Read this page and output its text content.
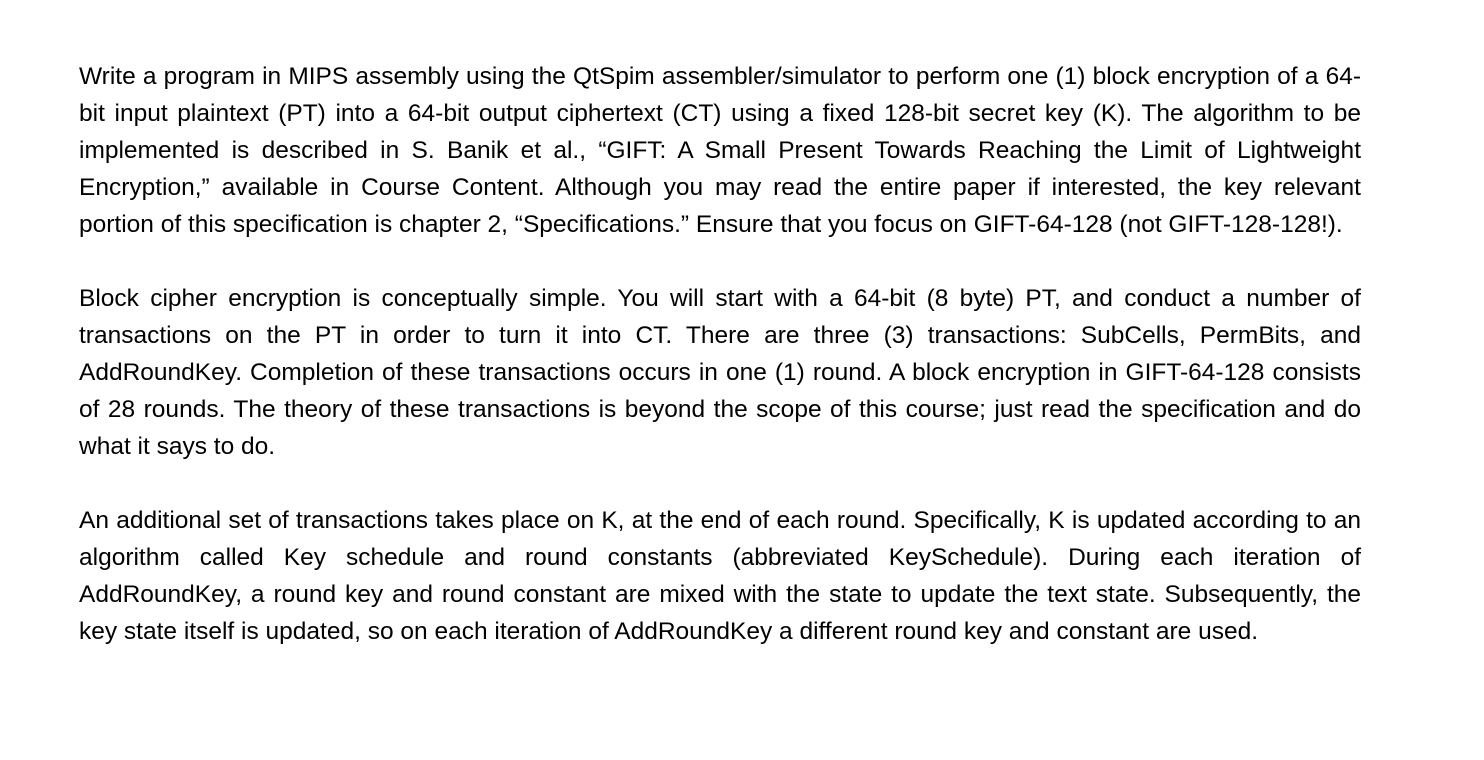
Write a program in MIPS assembly using the QtSpim assembler/simulator to perform one (1) block encryption of a 64-bit input plaintext (PT) into a 64-bit output ciphertext (CT) using a fixed 128-bit secret key (K). The algorithm to be implemented is described in S. Banik et al., “GIFT: A Small Present Towards Reaching the Limit of Lightweight Encryption,” available in Course Content. Although you may read the entire paper if interested, the key relevant portion of this specification is chapter 2, “Specifications.” Ensure that you focus on GIFT-64-128 (not GIFT-128-128!).

Block cipher encryption is conceptually simple. You will start with a 64-bit (8 byte) PT, and conduct a number of transactions on the PT in order to turn it into CT. There are three (3) transactions: SubCells, PermBits, and AddRoundKey. Completion of these transactions occurs in one (1) round. A block encryption in GIFT-64-128 consists of 28 rounds. The theory of these transactions is beyond the scope of this course; just read the specification and do what it says to do.

An additional set of transactions takes place on K, at the end of each round. Specifically, K is updated according to an algorithm called Key schedule and round constants (abbreviated KeySchedule). During each iteration of AddRoundKey, a round key and round constant are mixed with the state to update the text state. Subsequently, the key state itself is updated, so on each iteration of AddRoundKey a different round key and constant are used.
